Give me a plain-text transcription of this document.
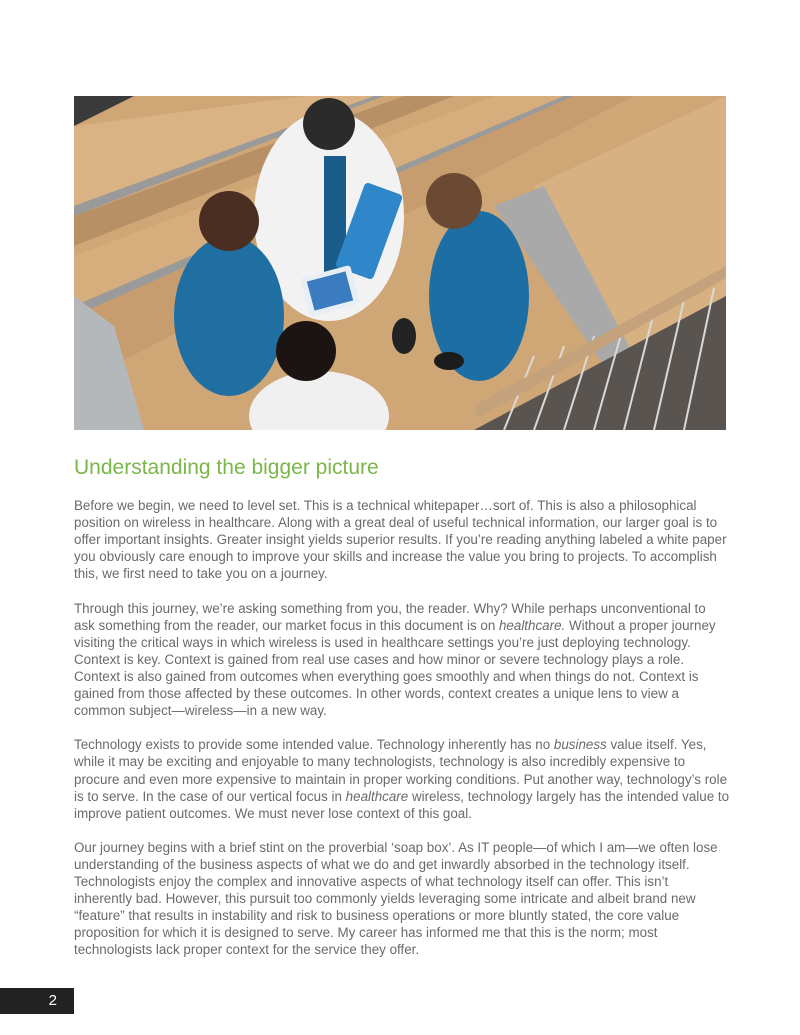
Understanding the bigger picture

Before we begin, we need to level set. This is a technical whitepaper…sort of. This is also a philosophical position on wireless in healthcare. Along with a great deal of useful technical information, our larger goal is to offer important insights. Greater insight yields superior results. If you’re reading anything labeled a white paper you obviously care enough to improve your skills and increase the value you bring to projects. To accomplish this, we first need to take you on a journey.

Through this journey, we’re asking something from you, the reader. Why? While perhaps unconventional to ask something from the reader, our market focus in this document is on healthcare. Without a proper journey visiting the critical ways in which wireless is used in healthcare settings you’re just deploying technology. Context is key. Context is gained from real use cases and how minor or severe technology plays a role. Context is also gained from outcomes when everything goes smoothly and when things do not. Context is gained from those affected by these outcomes. In other words, context creates a unique lens to view a common subject—wireless—in a new way.

Technology exists to provide some intended value. Technology inherently has no business value itself. Yes, while it may be exciting and enjoyable to many technologists, technology is also incredibly expensive to procure and even more expensive to maintain in proper working conditions. Put another way, technology’s role is to serve. In the case of our vertical focus in healthcare wireless, technology largely has the intended value to improve patient outcomes. We must never lose context of this goal.

Our journey begins with a brief stint on the proverbial ‘soap box’. As IT people—of which I am—we often lose understanding of the business aspects of what we do and get inwardly absorbed in the technology itself. Technologists enjoy the complex and innovative aspects of what technology itself can offer. This isn’t inherently bad. However, this pursuit too commonly yields leveraging some intricate and albeit brand new “feature” that results in instability and risk to business operations or more bluntly stated, the core value proposition for which it is designed to serve. My career has informed me that this is the norm; most technologists lack proper context for the service they offer.

2
